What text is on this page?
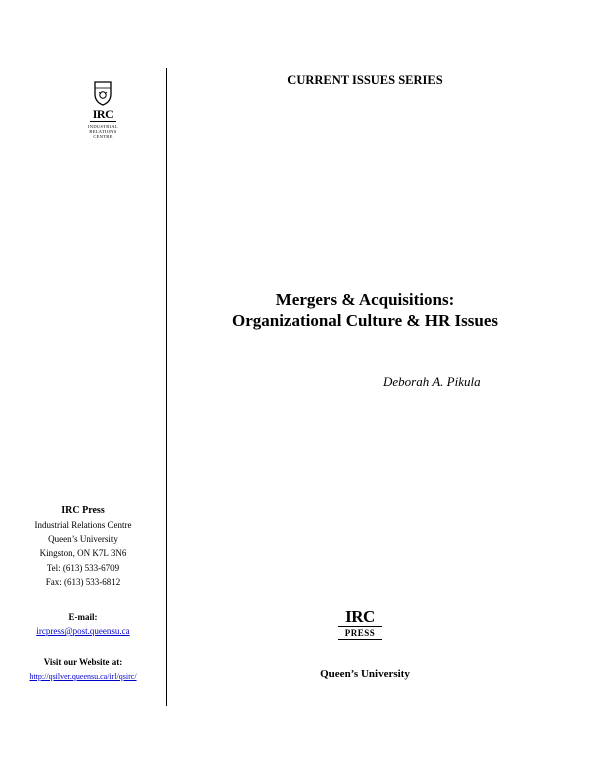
IRC
INDUSTRIAL
RELATIONS
CENTRE
IRC Press
Industrial Relations Centre
Queen’s University
Kingston, ON K7L 3N6
Tel: (613) 533-6709
Fax: (613) 533-6812
E-mail:
ircpress@post.queensu.ca
Visit our Website at:
http://qsilver.queensu.ca/irl/qsirc/
CURRENT ISSUES SERIES
Mergers & Acquisitions:
Organizational Culture & HR Issues
Deborah A. Pikula
IRC
PRESS
Queen’s University
